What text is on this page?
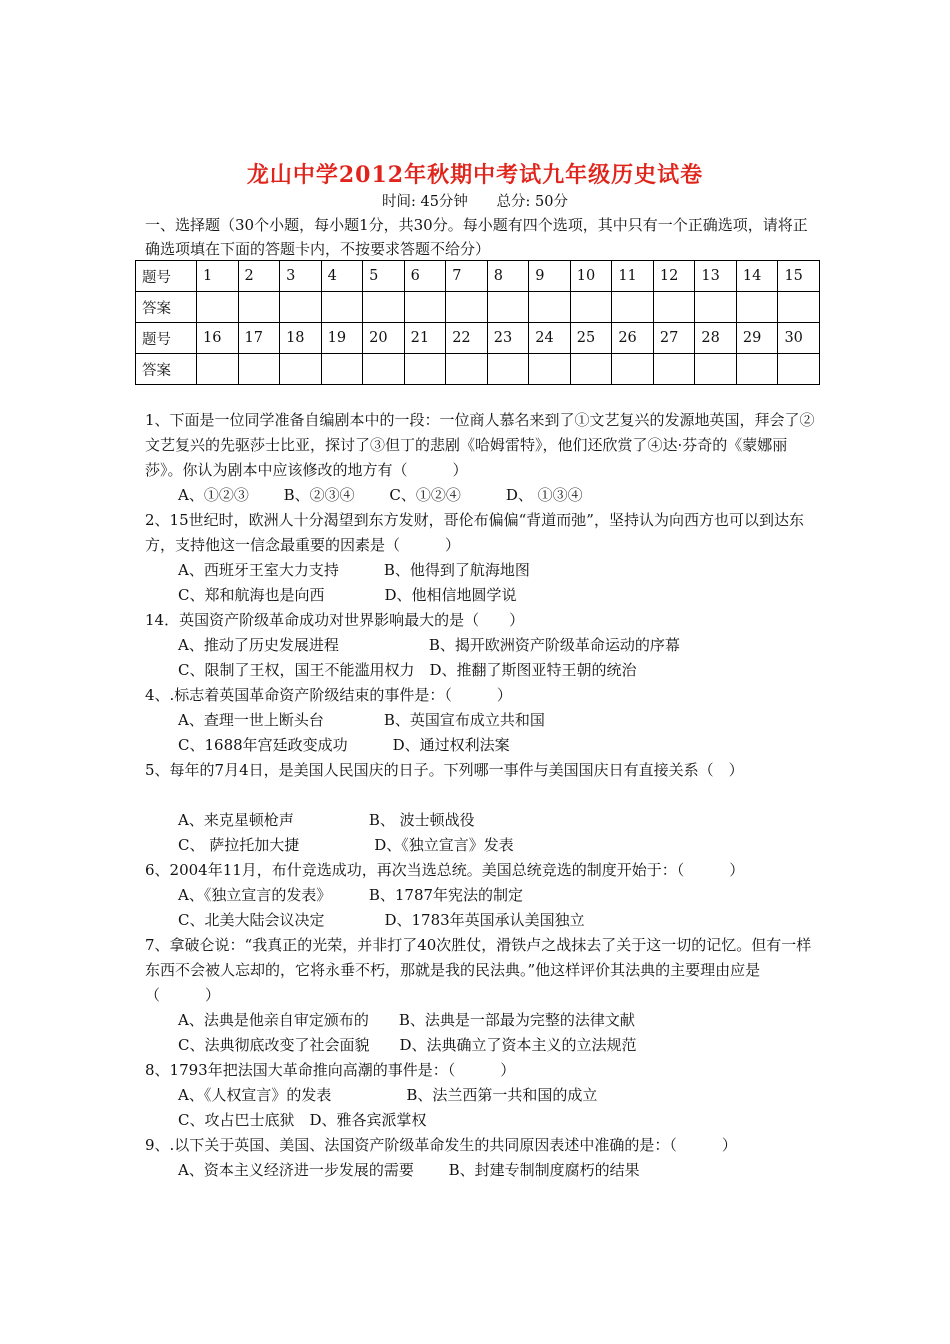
龙山中学2012年秋期中考试九年级历史试卷
时间: 45分钟 总分: 50分
一、选择题（30个小题，每小题1分，共30分。每小题有四个选项，其中只有一个正确选项，请将正确选项填在下面的答题卡内，不按要求答题不给分）
题号	1	2	3	4	5	6	7	8	9	10	11	12	13	14	15
答案															
题号	16	17	18	19	20	21	22	23	24	25	26	27	28	29	30
答案															
1、下面是一位同学准备自编剧本中的一段：一位商人慕名来到了①文艺复兴的发源地英国，拜会了②文艺复兴的先驱莎士比亚，探讨了③但丁的悲剧《哈姆雷特》，他们还欣赏了④达·芬奇的《蒙娜丽莎》。你认为剧本中应该修改的地方有（　　　）
A、①②③　　 B、②③④　　 C、①②④　　　D、 ①③④
2、15世纪时，欧洲人十分渴望到东方发财，哥伦布偏偏“背道而弛”，坚持认为向西方也可以到达东方，支持他这一信念最重要的因素是（　　　）
A、西班牙王室大力支持　　　B、他得到了航海地图
C、郑和航海也是向西　　　　D、他相信地圆学说
14．英国资产阶级革命成功对世界影响最大的是（　　）
A、推动了历史发展进程　　　　　　B、揭开欧洲资产阶级革命运动的序幕
C、限制了王权，国王不能滥用权力　D、推翻了斯图亚特王朝的统治
4、.标志着英国革命资产阶级结束的事件是：（　　　）
A、查理一世上断头台　　　　B、英国宣布成立共和国
C、1688年宫廷政变成功　　　D、通过权利法案
5、每年的7月4日，是美国人民国庆的日子。下列哪一事件与美国国庆日有直接关系（　）
A、来克星顿枪声　　　　　B、 波士顿战役
C、 萨拉托加大捷　　　　　D、《独立宣言》发表
6、2004年11月，布什竞选成功，再次当选总统。美国总统竞选的制度开始于：（　　　）
A、《独立宣言的发表》　　　B、1787年宪法的制定
C、北美大陆会议决定　　　　D、1783年英国承认美国独立
7、拿破仑说：“我真正的光荣，并非打了40次胜仗，滑铁卢之战抹去了关于这一切的记忆。但有一样东西不会被人忘却的，它将永垂不朽，那就是我的民法典。”他这样评价其法典的主要理由应是 （　　　）
A、法典是他亲自审定颁布的　　B、法典是一部最为完整的法律文献
C、法典彻底改变了社会面貌　　D、法典确立了资本主义的立法规范
8、1793年把法国大革命推向高潮的事件是：（　　　）
A、《人权宣言》的发表　　　　　B、法兰西第一共和国的成立
C、攻占巴士底狱　D、雅各宾派掌权
9、.以下关于英国、美国、法国资产阶级革命发生的共同原因表述中准确的是：（　　　）
A、资本主义经济进一步发展的需要　　 B、封建专制制度腐朽的结果
